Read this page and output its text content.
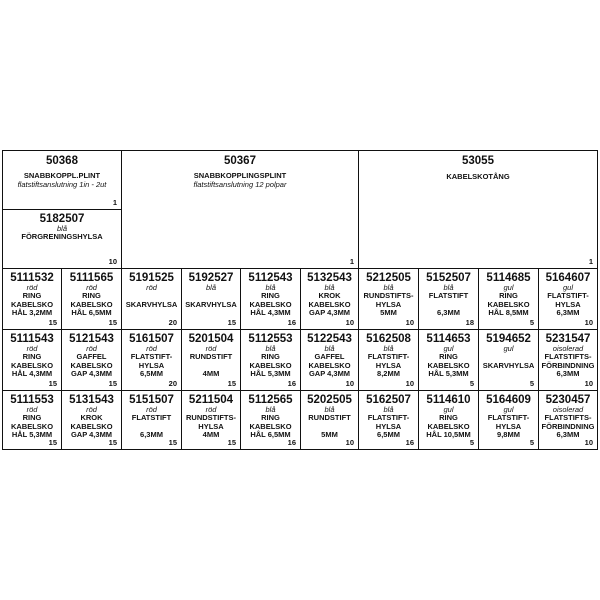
50368
SNABBKOPPL.PLINT
flatstiftsanslutning 1in - 2ut
1
5182507
blå
FÖRGRENINGSHYLSA
10
50367
SNABBKOPPLINGSPLINT
flatstiftsanslutning 12 polpar
1
53055
KABELSKOTÅNG
1
5111532
röd
RING
KABELSKO
HÅL 3,2MM
15
5111565
röd
RING
KABELSKO
HÅL 6,5MM
15
5191525
röd

SKARVHYLSA
20
5192527
blå

SKARVHYLSA
15
5112543
blå
RING
KABELSKO
HÅL 4,3MM
16
5132543
blå
KROK
KABELSKO
GAP 4,3MM
10
5212505
blå
RUNDSTIFTS-
HYLSA
5MM
10
5152507
blå
FLATSTIFT

6,3MM
18
5114685
gul
RING
KABELSKO
HÅL 8,5MM
5
5164607
gul
FLATSTIFT-
HYLSA
6,3MM
10
5111543
röd
RING
KABELSKO
HÅL 4,3MM
15
5121543
röd
GAFFEL
KABELSKO
GAP 4,3MM
15
5161507
röd
FLATSTIFT-
HYLSA
6,5MM
20
5201504
röd
RUNDSTIFT

4MM
15
5112553
blå
RING
KABELSKO
HÅL 5,3MM
16
5122543
blå
GAFFEL
KABELSKO
GAP 4,3MM
10
5162508
blå
FLATSTIFT-
HYLSA
8,2MM
10
5114653
gul
RING
KABELSKO
HÅL 5,3MM
5
5194652
gul

SKARVHYLSA
5
5231547
oisolerad
FLATSTIFTS-
FÖRBINDNING
6,3MM
10
5111553
röd
RING
KABELSKO
HÅL 5,3MM
15
5131543
röd
KROK
KABELSKO
GAP 4,3MM
15
5151507
röd
FLATSTIFT

6,3MM
15
5211504
röd
RUNDSTIFTS-
HYLSA
4MM
15
5112565
blå
RING
KABELSKO
HÅL 6,5MM
16
5202505
blå
RUNDSTIFT

5MM
10
5162507
blå
FLATSTIFT-
HYLSA
6,5MM
16
5114610
gul
RING
KABELSKO
HÅL 10,5MM
5
5164609
gul
FLATSTIFT-
HYLSA
9,8MM
5
5230457
oisolerad
FLATSTIFTS-
FÖRBINDNING
6,3MM
10
